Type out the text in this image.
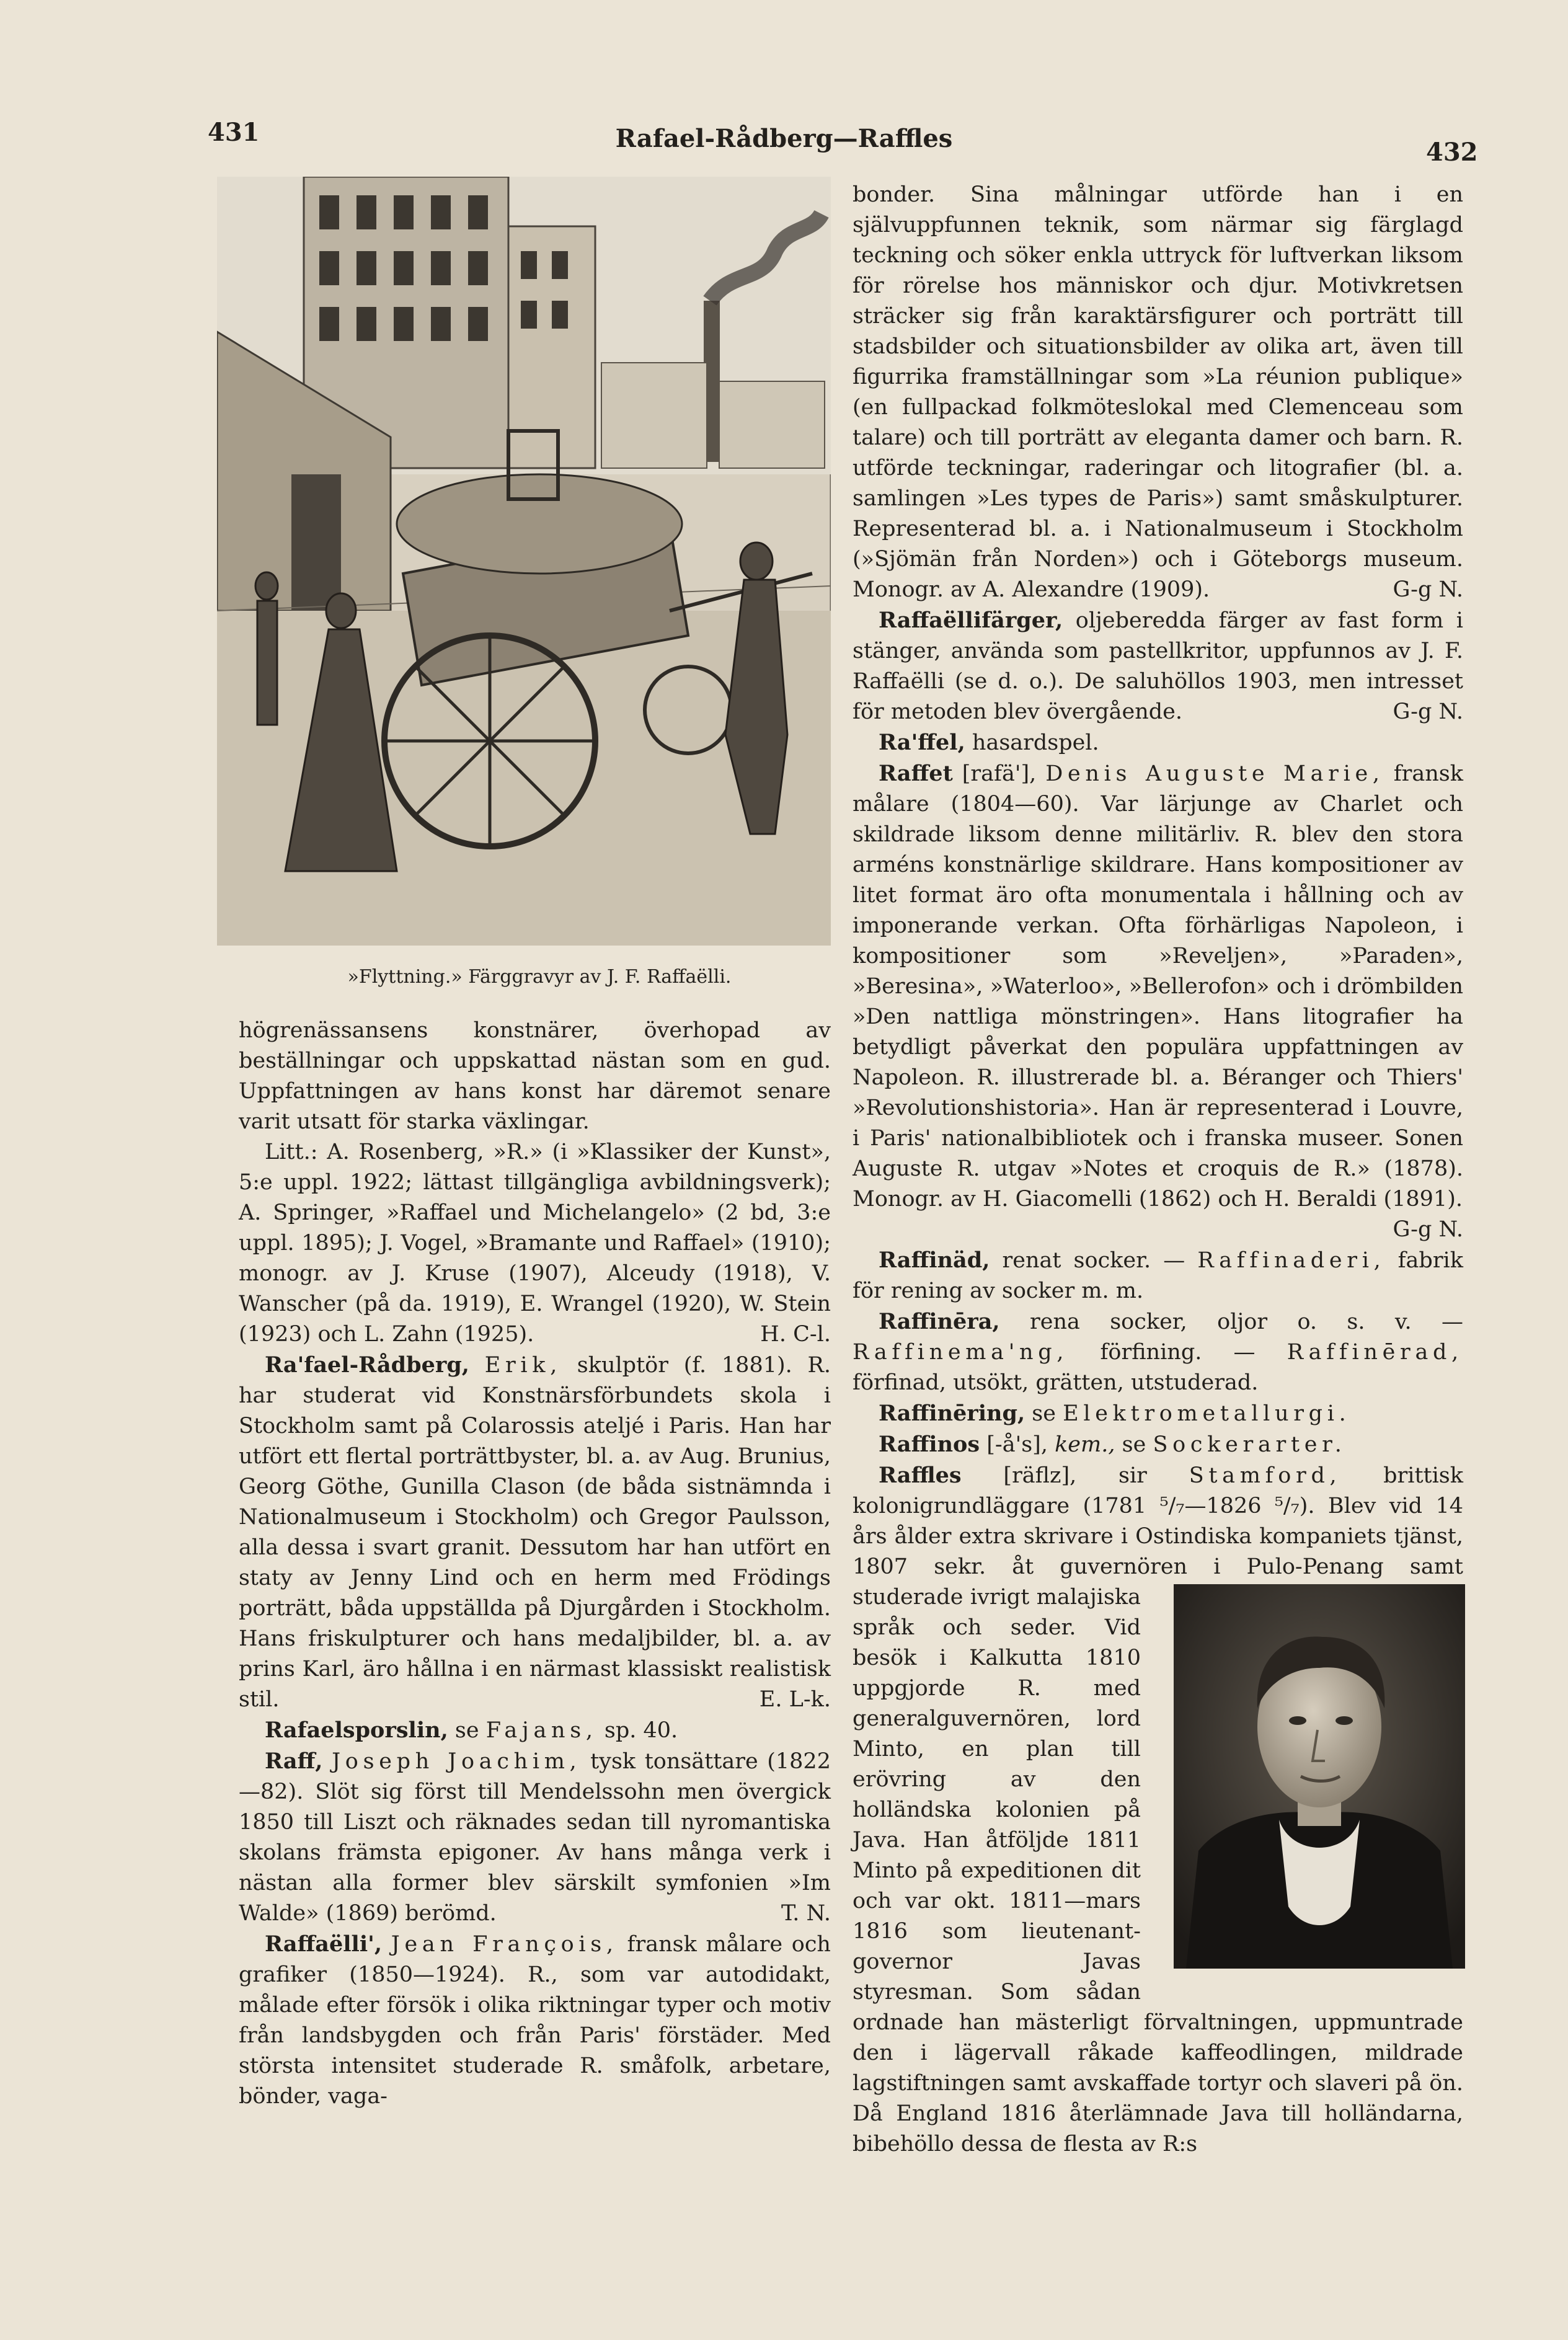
431	Rafael-Rådberg—Raffles	432
»Flyttning.» Färggravyr av J. F. Raffaëlli.

högrenässansens konstnärer, överhopad av beställningar och uppskattad nästan som en gud. Uppfattningen av hans konst har däremot senare varit utsatt för starka växlingar.

Litt.: A. Rosenberg, »R.» (i »Klassiker der Kunst», 5:e uppl. 1922; lättast tillgängliga avbildningsverk); A. Springer, »Raffael und Michelangelo» (2 bd, 3:e uppl. 1895); J. Vogel, »Bramante und Raffael» (1910); monogr. av J. Kruse (1907), Alceudy (1918), V. Wanscher (på da. 1919), E. Wrangel (1920), W. Stein (1923) och L. Zahn (1925).	H. C-l.

Ra'fael-Rådberg, Erik, skulptör (f. 1881). R. har studerat vid Konstnärsförbundets skola i Stockholm samt på Colarossis ateljé i Paris. Han har utfört ett flertal porträttbyster, bl. a. av Aug. Brunius, Georg Göthe, Gunilla Clason (de båda sistnämnda i Nationalmuseum i Stockholm) och Gregor Paulsson, alla dessa i svart granit. Dessutom har han utfört en staty av Jenny Lind och en herm med Frödings porträtt, båda uppställda på Djurgården i Stockholm. Hans friskulpturer och hans medaljbilder, bl. a. av prins Karl, äro hållna i en närmast klassiskt realistisk stil.	E. L-k.

Rafaelsporslin, se Fajans, sp. 40.

Raff, Joseph Joachim, tysk tonsättare (1822—82). Slöt sig först till Mendelssohn men övergick 1850 till Liszt och räknades sedan till nyromantiska skolans främsta epigoner. Av hans många verk i nästan alla former blev särskilt symfonien »Im Walde» (1869) berömd.	T. N.

Raffaëlli', Jean François, fransk målare och grafiker (1850—1924). R., som var autodidakt, målade efter försök i olika riktningar typer och motiv från landsbygden och från Paris' förstäder. Med största intensitet studerade R. småfolk, arbetare, bönder, vaga-

bonder. Sina målningar utförde han i en självuppfunnen teknik, som närmar sig färglagd teckning och söker enkla uttryck för luftverkan liksom för rörelse hos människor och djur. Motivkretsen sträcker sig från karaktärsfigurer och porträtt till stadsbilder och situationsbilder av olika art, även till figurrika framställningar som »La réunion publique» (en fullpackad folkmöteslokal med Clemenceau som talare) och till porträtt av eleganta damer och barn. R. utförde teckningar, raderingar och litografier (bl. a. samlingen »Les types de Paris») samt småskulpturer. Representerad bl. a. i Nationalmuseum i Stockholm (»Sjömän från Norden») och i Göteborgs museum. Monogr. av A. Alexandre (1909).	G-g N.

Raffaëllifärger, oljeberedda färger av fast form i stänger, använda som pastellkritor, uppfunnos av J. F. Raffaëlli (se d. o.). De saluhöllos 1903, men intresset för metoden blev övergående.	G-g N.

Ra'ffel, hasardspel.

Raffet [rafä'], Denis Auguste Marie, fransk målare (1804—60). Var lärjunge av Charlet och skildrade liksom denne militärliv. R. blev den stora arméns konstnärlige skildrare. Hans kompositioner av litet format äro ofta monumentala i hållning och av imponerande verkan. Ofta förhärligas Napoleon, i kompositioner som »Reveljen», »Paraden», »Beresina», »Waterloo», »Bellerofon» och i drömbilden »Den nattliga mönstringen». Hans litografier ha betydligt påverkat den populära uppfattningen av Napoleon. R. illustrerade bl. a. Béranger och Thiers' »Revolutionshistoria». Han är representerad i Louvre, i Paris' nationalbibliotek och i franska museer. Sonen Auguste R. utgav »Notes et croquis de R.» (1878). Monogr. av H. Giacomelli (1862) och H. Beraldi (1891).
G-g N.

Raffinäd, renat socker. — Raffinaderi, fabrik för rening av socker m. m.

Raffinēra, rena socker, oljor o. s. v. — Raffinema'ng, förfining. — Raffinērad, förfinad, utsökt, grätten, utstuderad.

Raffinēring, se Elektrometallurgi.

Raffinos [-å's], kem., se Sockerarter.

Raffles [räflz], sir Stamford, brittisk kolonigrundläggare (1781 ⁵/₇—1826 ⁵/₇). Blev vid 14 års ålder extra skrivare i Ostindiska kompaniets tjänst, 1807 sekr. åt guvernören i Pulo-Penang samt studerade ivrigt malajiska språk och seder. Vid besök i Kalkutta 1810 uppgjorde R. med generalguvernören, lord Minto, en plan till erövring av den holländska kolonien på Java. Han åtföljde 1811 Minto på expeditionen dit och var okt. 1811—mars 1816 som lieutenant-governor Javas styresman. Som sådan ordnade han mästerligt förvaltningen, uppmuntrade den i lägervall råkade kaffeodlingen, mildrade lagstiftningen samt avskaffade tortyr och slaveri på ön. Då England 1816 återlämnade Java till holländarna, bibehöllo dessa de flesta av R:s
